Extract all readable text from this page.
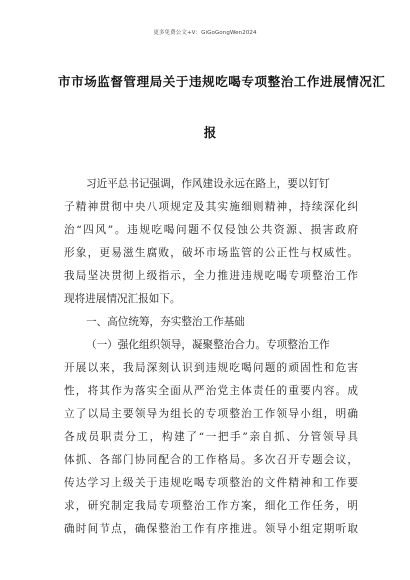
更多免费公文+V：GiGoGongWen2024
市市场监督管理局关于违规吃喝专项整治工作进展情况汇
报
习近平总书记强调，作风建设永远在路上，要以钉钉
子精神贯彻中央八项规定及其实施细则精神，持续深化纠
治“四风”。违规吃喝问题不仅侵蚀公共资源、损害政府
形象，更易滋生腐败，破坏市场监管的公正性与权威性。
我局坚决贯彻上级指示，全力推进违规吃喝专项整治工作
现将进展情况汇报如下。
一、高位统筹，夯实整治工作基础
（一）强化组织领导，凝聚整治合力。专项整治工作
开展以来，我局深刻认识到违规吃喝问题的顽固性和危害
性，将其作为落实全面从严治党主体责任的重要内容。成
立了以局主要领导为组长的专项整治工作领导小组，明确
各成员职责分工，构建了“一把手”亲自抓、分管领导具
体抓、各部门协同配合的工作格局。多次召开专题会议，
传达学习上级关于违规吃喝专项整治的文件精神和工作要
求，研究制定我局专项整治工作方案，细化工作任务，明
确时间节点，确保整治工作有序推进。领导小组定期听取
